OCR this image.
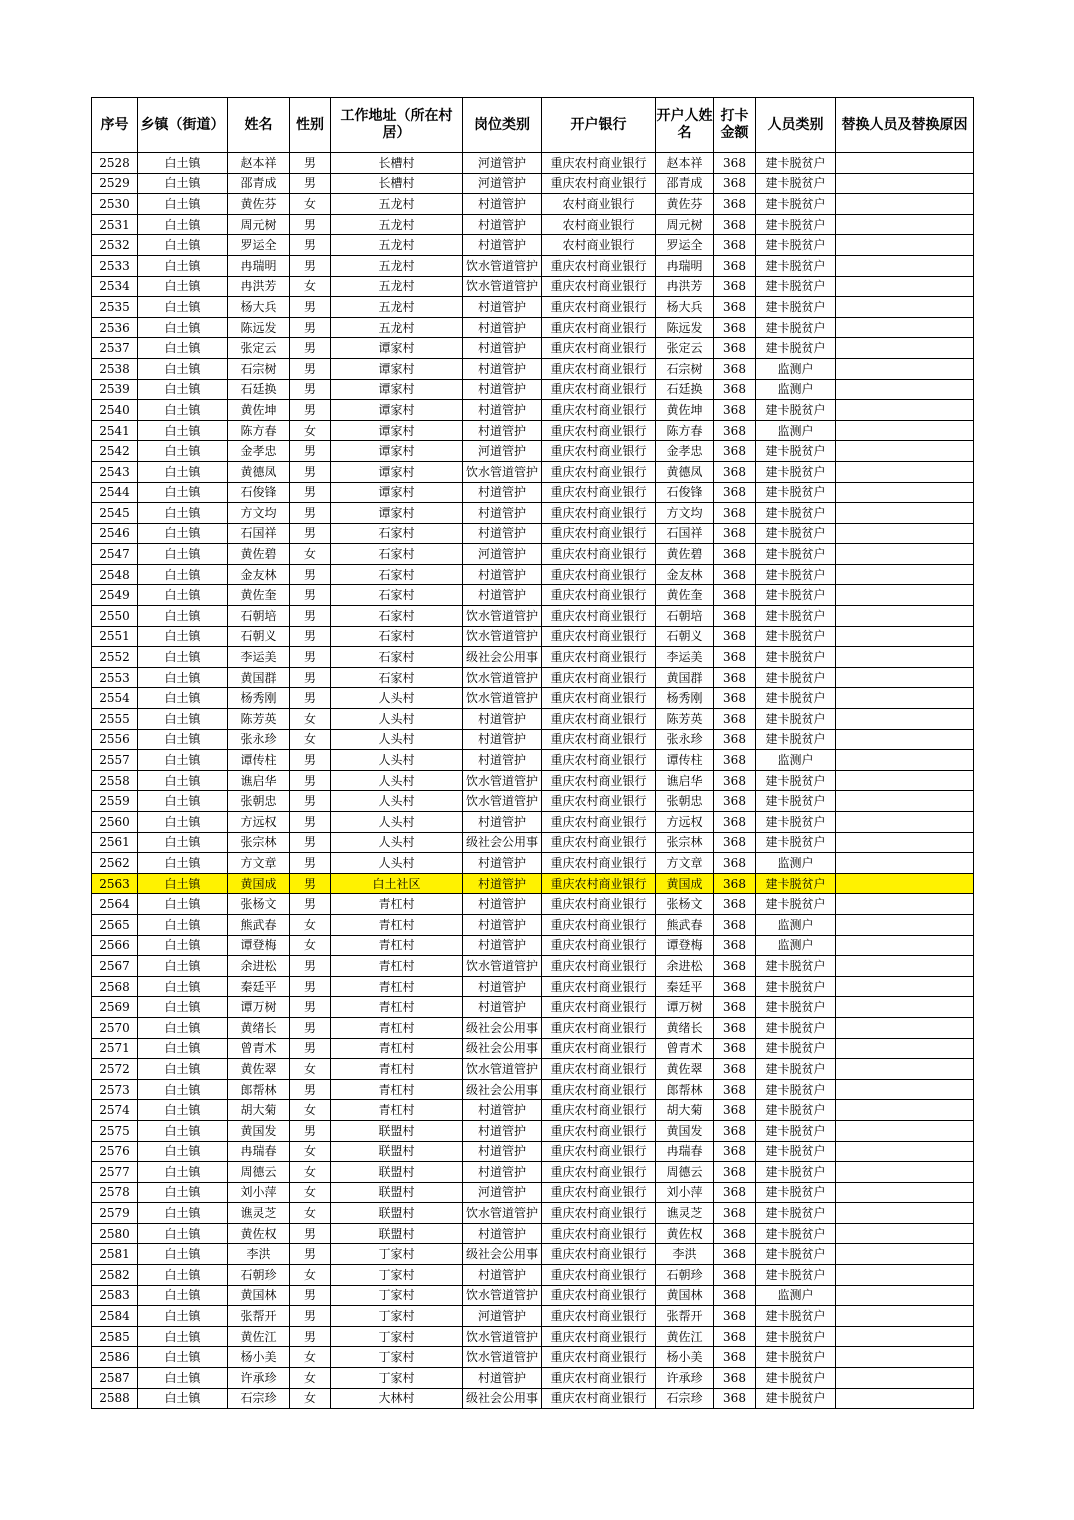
序号	乡镇（街道）	姓名	性别	工作地址（所在村居）	岗位类别	开户银行	开户人姓名	打卡金额	人员类别	替换人员及替换原因
2528	白土镇	赵本祥	男	长槽村	河道管护	重庆农村商业银行	赵本祥	368	建卡脱贫户	
2529	白土镇	邵青成	男	长槽村	河道管护	重庆农村商业银行	邵青成	368	建卡脱贫户	
2530	白土镇	黄佐芬	女	五龙村	村道管护	农村商业银行	黄佐芬	368	建卡脱贫户	
2531	白土镇	周元树	男	五龙村	村道管护	农村商业银行	周元树	368	建卡脱贫户	
2532	白土镇	罗运全	男	五龙村	村道管护	农村商业银行	罗运全	368	建卡脱贫户	
2533	白土镇	冉瑞明	男	五龙村	饮水管道管护	重庆农村商业银行	冉瑞明	368	建卡脱贫户	
2534	白土镇	冉洪芳	女	五龙村	饮水管道管护	重庆农村商业银行	冉洪芳	368	建卡脱贫户	
2535	白土镇	杨大兵	男	五龙村	村道管护	重庆农村商业银行	杨大兵	368	建卡脱贫户	
2536	白土镇	陈远发	男	五龙村	村道管护	重庆农村商业银行	陈远发	368	建卡脱贫户	
2537	白土镇	张定云	男	谭家村	村道管护	重庆农村商业银行	张定云	368	建卡脱贫户	
2538	白土镇	石宗树	男	谭家村	村道管护	重庆农村商业银行	石宗树	368	监测户	
2539	白土镇	石廷换	男	谭家村	村道管护	重庆农村商业银行	石廷换	368	监测户	
2540	白土镇	黄佐坤	男	谭家村	村道管护	重庆农村商业银行	黄佐坤	368	建卡脱贫户	
2541	白土镇	陈方春	女	谭家村	村道管护	重庆农村商业银行	陈方春	368	监测户	
2542	白土镇	金孝忠	男	谭家村	河道管护	重庆农村商业银行	金孝忠	368	建卡脱贫户	
2543	白土镇	黄德凤	男	谭家村	饮水管道管护	重庆农村商业银行	黄德凤	368	建卡脱贫户	
2544	白土镇	石俊锋	男	谭家村	村道管护	重庆农村商业银行	石俊锋	368	建卡脱贫户	
2545	白土镇	方文均	男	谭家村	村道管护	重庆农村商业银行	方文均	368	建卡脱贫户	
2546	白土镇	石国祥	男	石家村	村道管护	重庆农村商业银行	石国祥	368	建卡脱贫户	
2547	白土镇	黄佐碧	女	石家村	河道管护	重庆农村商业银行	黄佐碧	368	建卡脱贫户	
2548	白土镇	金友林	男	石家村	村道管护	重庆农村商业银行	金友林	368	建卡脱贫户	
2549	白土镇	黄佐奎	男	石家村	村道管护	重庆农村商业银行	黄佐奎	368	建卡脱贫户	
2550	白土镇	石朝培	男	石家村	饮水管道管护	重庆农村商业银行	石朝培	368	建卡脱贫户	
2551	白土镇	石朝义	男	石家村	饮水管道管护	重庆农村商业银行	石朝义	368	建卡脱贫户	
2552	白土镇	李运美	男	石家村	级社会公用事	重庆农村商业银行	李运美	368	建卡脱贫户	
2553	白土镇	黄国群	男	石家村	饮水管道管护	重庆农村商业银行	黄国群	368	建卡脱贫户	
2554	白土镇	杨秀刚	男	人头村	饮水管道管护	重庆农村商业银行	杨秀刚	368	建卡脱贫户	
2555	白土镇	陈芳英	女	人头村	村道管护	重庆农村商业银行	陈芳英	368	建卡脱贫户	
2556	白土镇	张永珍	女	人头村	村道管护	重庆农村商业银行	张永珍	368	建卡脱贫户	
2557	白土镇	谭传柱	男	人头村	村道管护	重庆农村商业银行	谭传柱	368	监测户	
2558	白土镇	谯启华	男	人头村	饮水管道管护	重庆农村商业银行	谯启华	368	建卡脱贫户	
2559	白土镇	张朝忠	男	人头村	饮水管道管护	重庆农村商业银行	张朝忠	368	建卡脱贫户	
2560	白土镇	方远权	男	人头村	村道管护	重庆农村商业银行	方远权	368	建卡脱贫户	
2561	白土镇	张宗林	男	人头村	级社会公用事	重庆农村商业银行	张宗林	368	建卡脱贫户	
2562	白土镇	方文章	男	人头村	村道管护	重庆农村商业银行	方文章	368	监测户	
2563	白土镇	黄国成	男	白土社区	村道管护	重庆农村商业银行	黄国成	368	建卡脱贫户	
2564	白土镇	张杨文	男	青杠村	村道管护	重庆农村商业银行	张杨文	368	建卡脱贫户	
2565	白土镇	熊武春	女	青杠村	村道管护	重庆农村商业银行	熊武春	368	监测户	
2566	白土镇	谭登梅	女	青杠村	村道管护	重庆农村商业银行	谭登梅	368	监测户	
2567	白土镇	余进松	男	青杠村	饮水管道管护	重庆农村商业银行	余进松	368	建卡脱贫户	
2568	白土镇	秦廷平	男	青杠村	村道管护	重庆农村商业银行	秦廷平	368	建卡脱贫户	
2569	白土镇	谭万树	男	青杠村	村道管护	重庆农村商业银行	谭万树	368	建卡脱贫户	
2570	白土镇	黄绪长	男	青杠村	级社会公用事	重庆农村商业银行	黄绪长	368	建卡脱贫户	
2571	白土镇	曾青术	男	青杠村	级社会公用事	重庆农村商业银行	曾青术	368	建卡脱贫户	
2572	白土镇	黄佐翠	女	青杠村	饮水管道管护	重庆农村商业银行	黄佐翠	368	建卡脱贫户	
2573	白土镇	郎帮林	男	青杠村	级社会公用事	重庆农村商业银行	郎帮林	368	建卡脱贫户	
2574	白土镇	胡大菊	女	青杠村	村道管护	重庆农村商业银行	胡大菊	368	建卡脱贫户	
2575	白土镇	黄国发	男	联盟村	村道管护	重庆农村商业银行	黄国发	368	建卡脱贫户	
2576	白土镇	冉瑞春	女	联盟村	村道管护	重庆农村商业银行	冉瑞春	368	建卡脱贫户	
2577	白土镇	周德云	女	联盟村	村道管护	重庆农村商业银行	周德云	368	建卡脱贫户	
2578	白土镇	刘小萍	女	联盟村	河道管护	重庆农村商业银行	刘小萍	368	建卡脱贫户	
2579	白土镇	谯灵芝	女	联盟村	饮水管道管护	重庆农村商业银行	谯灵芝	368	建卡脱贫户	
2580	白土镇	黄佐权	男	联盟村	村道管护	重庆农村商业银行	黄佐权	368	建卡脱贫户	
2581	白土镇	李洪	男	丁家村	级社会公用事	重庆农村商业银行	李洪	368	建卡脱贫户	
2582	白土镇	石朝珍	女	丁家村	村道管护	重庆农村商业银行	石朝珍	368	建卡脱贫户	
2583	白土镇	黄国林	男	丁家村	饮水管道管护	重庆农村商业银行	黄国林	368	监测户	
2584	白土镇	张帮开	男	丁家村	河道管护	重庆农村商业银行	张帮开	368	建卡脱贫户	
2585	白土镇	黄佐江	男	丁家村	饮水管道管护	重庆农村商业银行	黄佐江	368	建卡脱贫户	
2586	白土镇	杨小美	女	丁家村	饮水管道管护	重庆农村商业银行	杨小美	368	建卡脱贫户	
2587	白土镇	许承珍	女	丁家村	村道管护	重庆农村商业银行	许承珍	368	建卡脱贫户	
2588	白土镇	石宗珍	女	大林村	级社会公用事	重庆农村商业银行	石宗珍	368	建卡脱贫户	
